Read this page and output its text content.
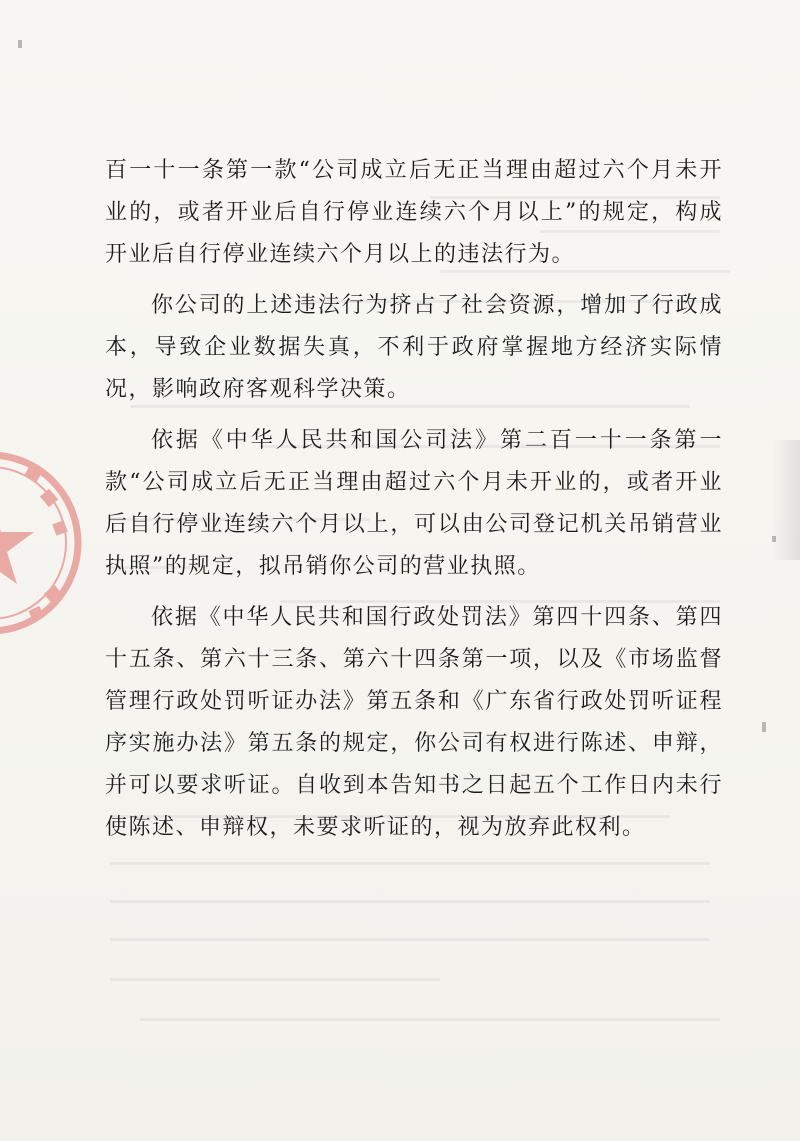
百一十一条第一款“公司成立后无正当理由超过六个月未开业的，或者开业后自行停业连续六个月以上”的规定，构成开业后自行停业连续六个月以上的违法行为。

你公司的上述违法行为挤占了社会资源，增加了行政成本，导致企业数据失真，不利于政府掌握地方经济实际情况，影响政府客观科学决策。

依据《中华人民共和国公司法》第二百一十一条第一款“公司成立后无正当理由超过六个月未开业的，或者开业后自行停业连续六个月以上，可以由公司登记机关吊销营业执照”的规定，拟吊销你公司的营业执照。

依据《中华人民共和国行政处罚法》第四十四条、第四十五条、第六十三条、第六十四条第一项，以及《市场监督管理行政处罚听证办法》第五条和《广东省行政处罚听证程序实施办法》第五条的规定，你公司有权进行陈述、申辩，并可以要求听证。自收到本告知书之日起五个工作日内未行使陈述、申辩权，未要求听证的，视为放弃此权利。
